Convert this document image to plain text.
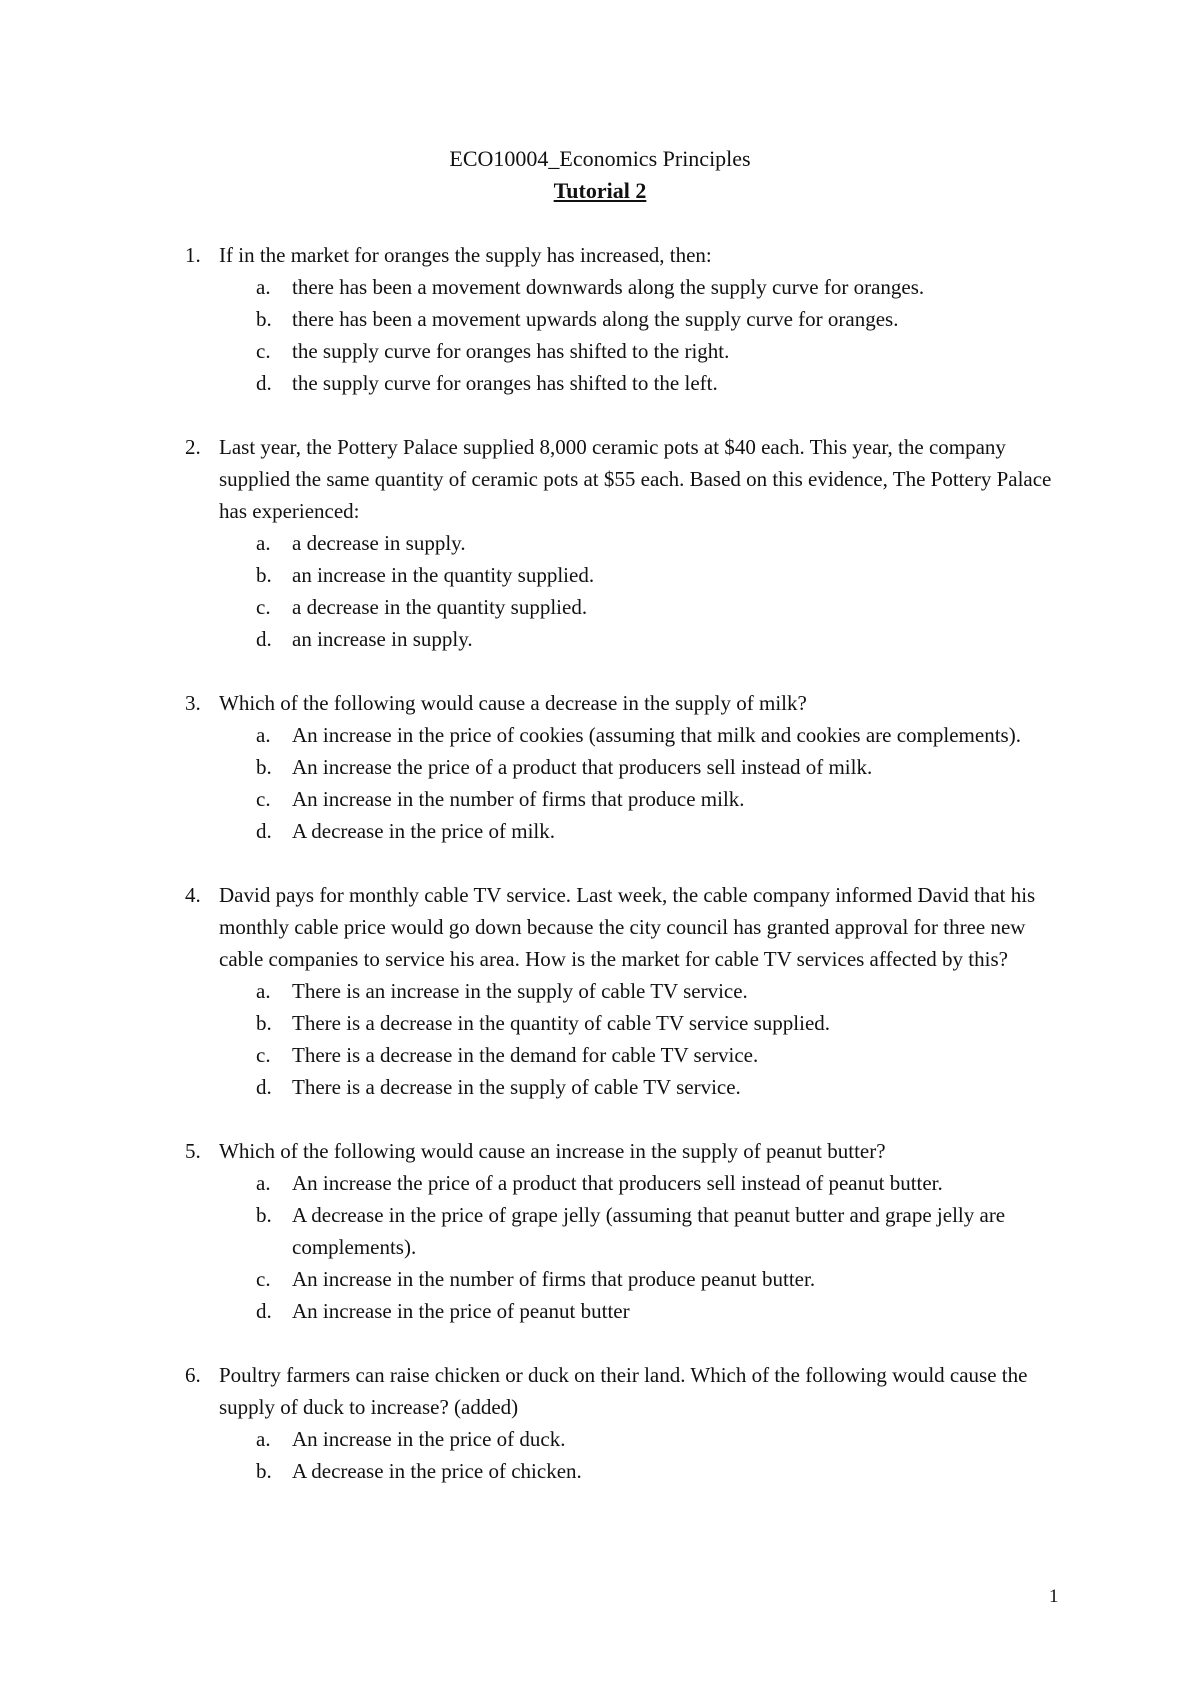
ECO10004_Economics Principles

Tutorial 2

1. If in the market for oranges the supply has increased, then:
a. there has been a movement downwards along the supply curve for oranges.
b. there has been a movement upwards along the supply curve for oranges.
c. the supply curve for oranges has shifted to the right.
d. the supply curve for oranges has shifted to the left.
2. Last year, the Pottery Palace supplied 8,000 ceramic pots at $40 each. This year, the company supplied the same quantity of ceramic pots at $55 each. Based on this evidence, The Pottery Palace has experienced:
a. a decrease in supply.
b. an increase in the quantity supplied.
c. a decrease in the quantity supplied.
d. an increase in supply.
3. Which of the following would cause a decrease in the supply of milk?
a. An increase in the price of cookies (assuming that milk and cookies are complements).
b. An increase the price of a product that producers sell instead of milk.
c. An increase in the number of firms that produce milk.
d. A decrease in the price of milk.
4. David pays for monthly cable TV service. Last week, the cable company informed David that his monthly cable price would go down because the city council has granted approval for three new cable companies to service his area. How is the market for cable TV services affected by this?
a. There is an increase in the supply of cable TV service.
b. There is a decrease in the quantity of cable TV service supplied.
c. There is a decrease in the demand for cable TV service.
d. There is a decrease in the supply of cable TV service.
5. Which of the following would cause an increase in the supply of peanut butter?
a. An increase the price of a product that producers sell instead of peanut butter.
b. A decrease in the price of grape jelly (assuming that peanut butter and grape jelly are complements).
c. An increase in the number of firms that produce peanut butter.
d. An increase in the price of peanut butter
6. Poultry farmers can raise chicken or duck on their land. Which of the following would cause the supply of duck to increase? (added)
a. An increase in the price of duck.
b. A decrease in the price of chicken.
1
